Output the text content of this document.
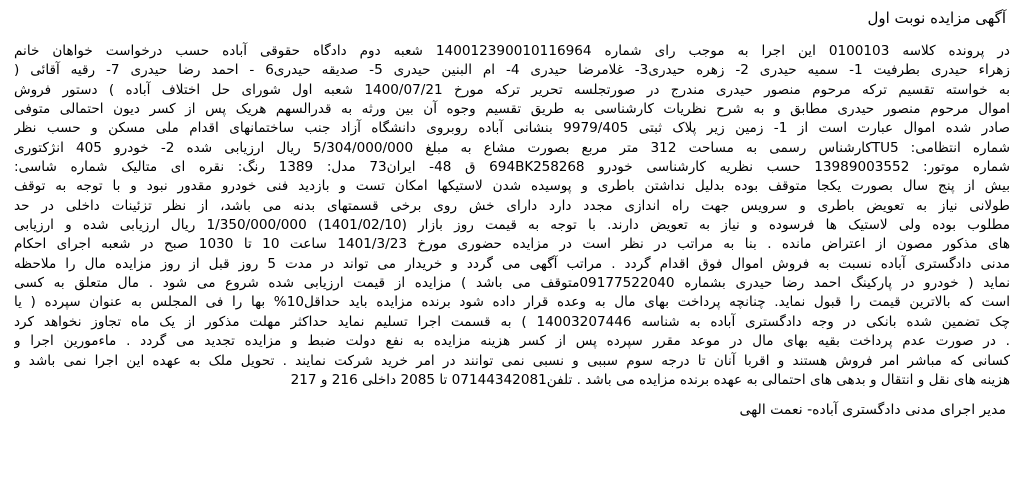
آگهی مزایده نوبت اول
در پرونده کلاسه 0100103 این اجرا به موجب رای شماره 140012390010116964 شعبه دوم دادگاه حقوقی آباده حسب درخواست خواهان خانم
زهراء حیدری بطرفیت 1- سمیه حیدری 2- زهره حیدری3- غلامرضا حیدری 4- ام البنین حیدری 5- صدیقه حیدری6 - احمد رضا حیدری 7- رقیه آقائی (
به خواسته تقسیم ترکه مرحوم منصور حیدری مندرج در صورتجلسه تحریر ترکه مورخ 1400/07/21 شعبه اول شورای حل اختلاف آباده ) دستور فروش
اموال مرحوم منصور حیدری مطابق و به شرح نظریات کارشناسی به طریق تقسیم وجوه آن بین ورثه به قدرالسهم هریک پس از کسر دیون احتمالی متوفی
صادر شده اموال عبارت است از 1- زمین زیر پلاک ثبتی 9979/405 بنشانی آباده روبروی دانشگاه آزاد جنب ساختمانهای اقدام ملی مسکن و حسب نظر
شماره انتظامی: TU5کارشناس رسمی به مساحت 312 متر مربع بصورت مشاع به مبلغ 5/304/000/000 ریال ارزیابی شده 2- خودرو 405 انژکتوری
شماره موتور: 13989003552 حسب نظریه کارشناسی خودرو 694BK258268 ق 48- ایران73 مدل: 1389 رنگ: نقره ای متالیک شماره شاسی:
بیش از پنج سال بصورت یکجا متوقف بوده بدلیل نداشتن باطری و پوسیده شدن لاستیکها امکان تست و بازدید فنی خودرو مقدور نبود و با توجه به توقف
طولانی نیاز به تعویض باطری و سرویس جهت راه اندازی مجدد دارد دارای خش روی برخی قسمتهای بدنه می باشد، از نظر تزئینات داخلی در حد
مطلوب بوده ولی لاستیک ها فرسوده و نیاز به تعویض دارند. با توجه به قیمت روز بازار (1401/02/10) 1/350/000/000 ریال ارزیابی شده و ارزیابی
های مذکور مصون از اعتراض مانده . بنا به مراتب در نظر است در مزایده حضوری مورخ 1401/3/23 ساعت 10 تا 1030 صبح در شعبه اجرای احکام
مدنی دادگستری آباده نسبت به فروش اموال فوق اقدام گردد . مراتب آگهی می گردد و خریدار می تواند در مدت 5 روز قبل از روز مزایده مال را ملاحظه
نماید ( خودرو در پارکینگ احمد رضا حیدری بشماره 09177522040متوقف می باشد ) مزایده از قیمت ارزیابی شده شروع می شود . مال متعلق به کسی
است که بالاترین قیمت را قبول نماید. چنانچه پرداخت بهای مال به وعده قرار داده شود برنده مزایده باید حداقل10% بها را فی المجلس به عنوان سپرده ( یا
چک تضمین شده بانکی در وجه دادگستری آباده به شناسه 14003207446 ) به قسمت اجرا تسلیم نماید حداکثر مهلت مذکور از یک ماه تجاوز نخواهد کرد
. در صورت عدم پرداخت بقیه بهای مال در موعد مقرر سپرده پس از کسر هزینه مزایده به نفع دولت ضبط و مزایده تجدید می گردد . ماءمورین اجرا و
کسانی که مباشر امر فروش هستند و اقربا آنان تا درجه سوم سببی و نسبی نمی توانند در امر خرید شرکت نمایند . تحویل ملک به عهده این اجرا نمی باشد و
هزینه های نقل و انتقال و بدهی های احتمالی به عهده برنده مزایده می باشد . تلفن07144342081 تا 2085 داخلی 216 و 217
مدیر اجرای مدنی دادگستری آباده- نعمت الهی
